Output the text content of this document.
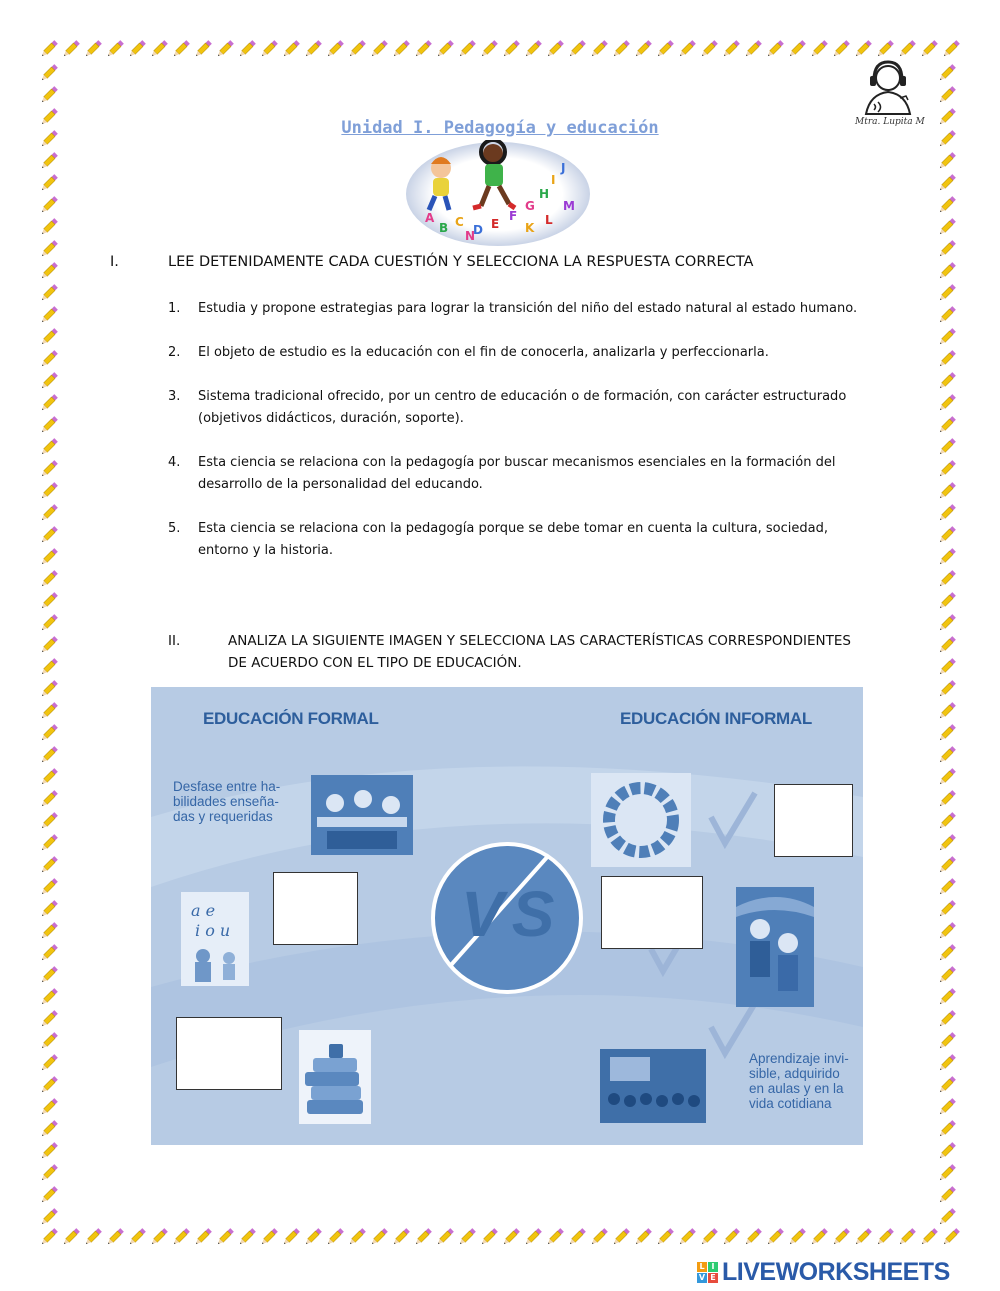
Mtra. Lupita M
Unidad I. Pedagogía y educación
A
B C
D E
F
G
H
I
J
K
L
M
N
I.	LEE DETENIDAMENTE CADA CUESTIÓN Y SELECCIONA LA RESPUESTA CORRECTA
1.	Estudia y propone estrategias para lograr la transición del niño del estado natural al estado humano.
2.	El objeto de estudio es la educación con el fin de conocerla, analizarla y perfeccionarla.
3.	Sistema tradicional ofrecido, por un centro de educación o de formación, con carácter estructurado (objetivos didácticos, duración, soporte).
4.	Esta ciencia se relaciona con la pedagogía por buscar mecanismos esenciales en la formación del desarrollo de la personalidad del educando.
5.	Esta ciencia se relaciona con la pedagogía porque se debe tomar en cuenta la cultura, sociedad, entorno y la historia.
II.	ANALIZA LA SIGUIENTE IMAGEN Y SELECCIONA LAS CARACTERÍSTICAS CORRESPONDIENTES DE ACUERDO CON EL TIPO DE EDUCACIÓN.
EDUCACIÓN FORMAL	EDUCACIÓN INFORMAL
Desfase entre ha-
bilidades enseña-
das y requeridas
Aprendizaje invi-
sible, adquirido
en aulas y en la
vida cotidiana
VS
a e
i o u
L I
V E LIVEWORKSHEETS
